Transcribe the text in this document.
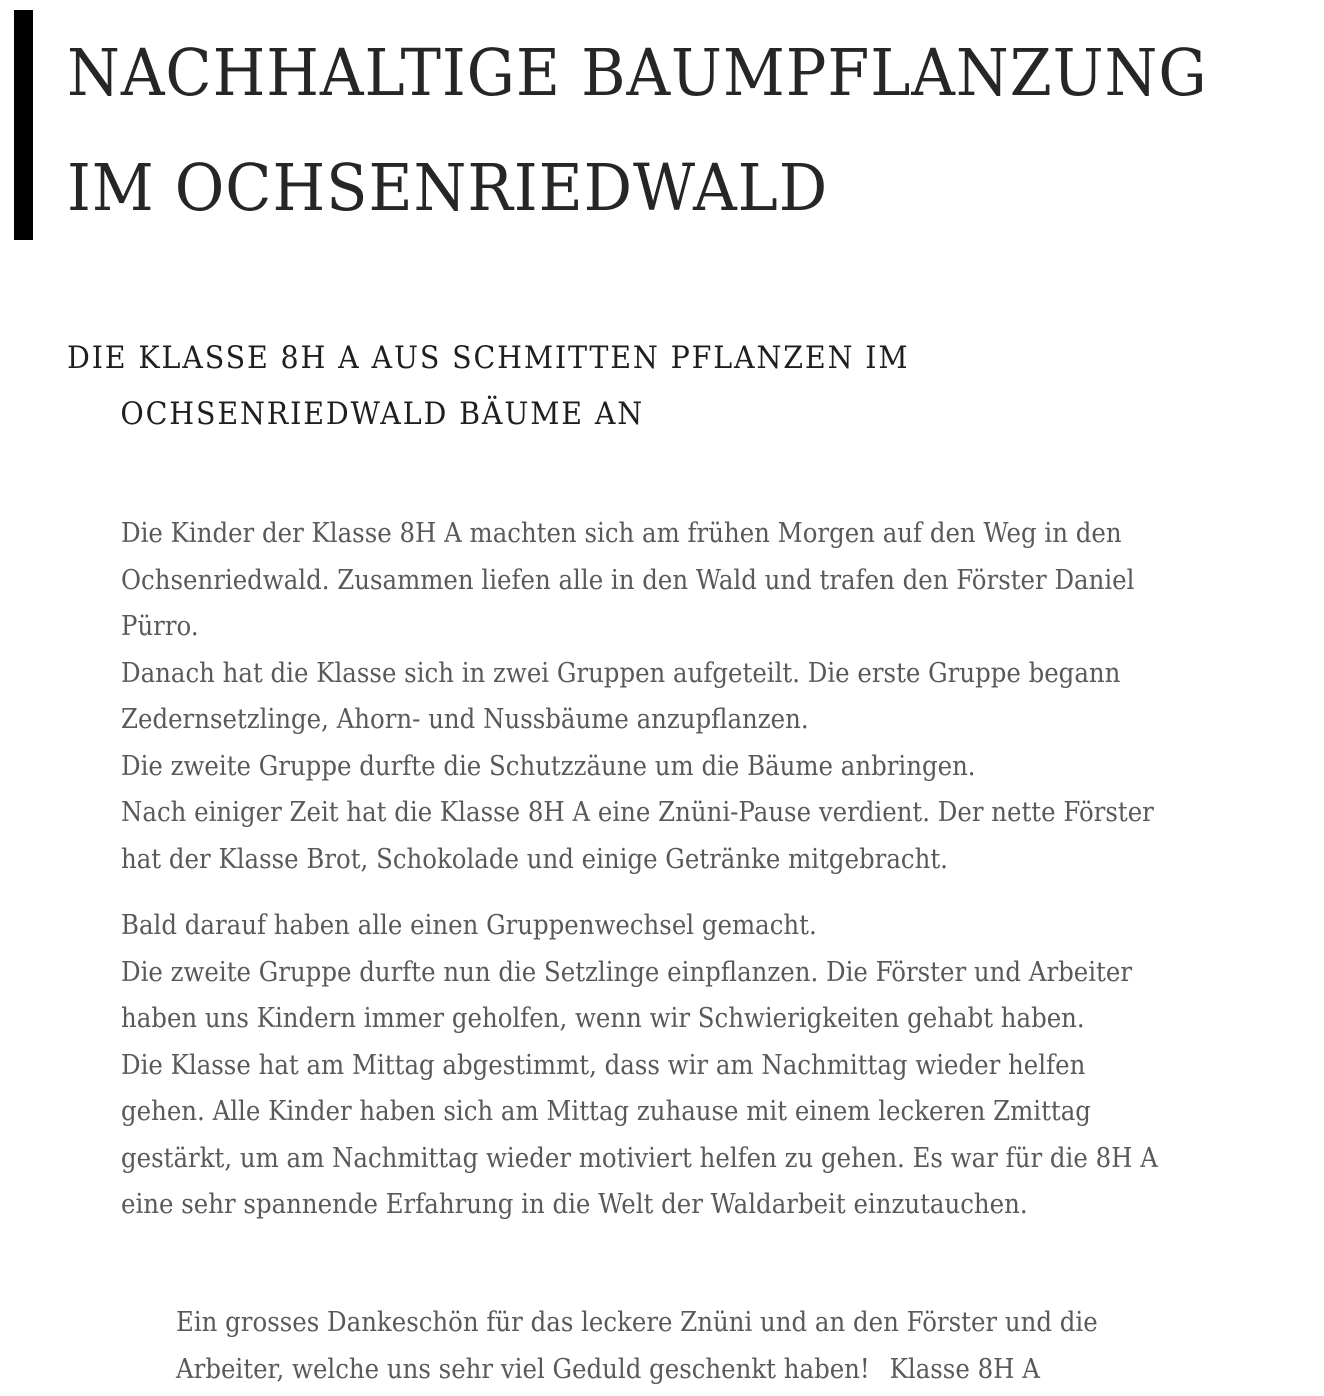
NACHHALTIGE BAUMPFLANZUNG
IM OCHSENRIEDWALD
DIE KLASSE 8H A AUS SCHMITTEN PFLANZEN IM
OCHSENRIEDWALD BÄUME AN
Die Kinder der Klasse 8H A machten sich am frühen Morgen auf den Weg in den
Ochsenriedwald. Zusammen liefen alle in den Wald und trafen den Förster Daniel
Pürro.
Danach hat die Klasse sich in zwei Gruppen aufgeteilt. Die erste Gruppe begann
Zedernsetzlinge, Ahorn- und Nussbäume anzupflanzen.
Die zweite Gruppe durfte die Schutzzäune um die Bäume anbringen.
Nach einiger Zeit hat die Klasse 8H A eine Znüni-Pause verdient. Der nette Förster
hat der Klasse Brot, Schokolade und einige Getränke mitgebracht.
Bald darauf haben alle einen Gruppenwechsel gemacht.
Die zweite Gruppe durfte nun die Setzlinge einpflanzen. Die Förster und Arbeiter
haben uns Kindern immer geholfen, wenn wir Schwierigkeiten gehabt haben.
Die Klasse hat am Mittag abgestimmt, dass wir am Nachmittag wieder helfen
gehen. Alle Kinder haben sich am Mittag zuhause mit einem leckeren Zmittag
gestärkt, um am Nachmittag wieder motiviert helfen zu gehen. Es war für die 8H A
eine sehr spannende Erfahrung in die Welt der Waldarbeit einzutauchen.
Ein grosses Dankeschön für das leckere Znüni und an den Förster und die
Arbeiter, welche uns sehr viel Geduld geschenkt haben! Klasse 8H A
